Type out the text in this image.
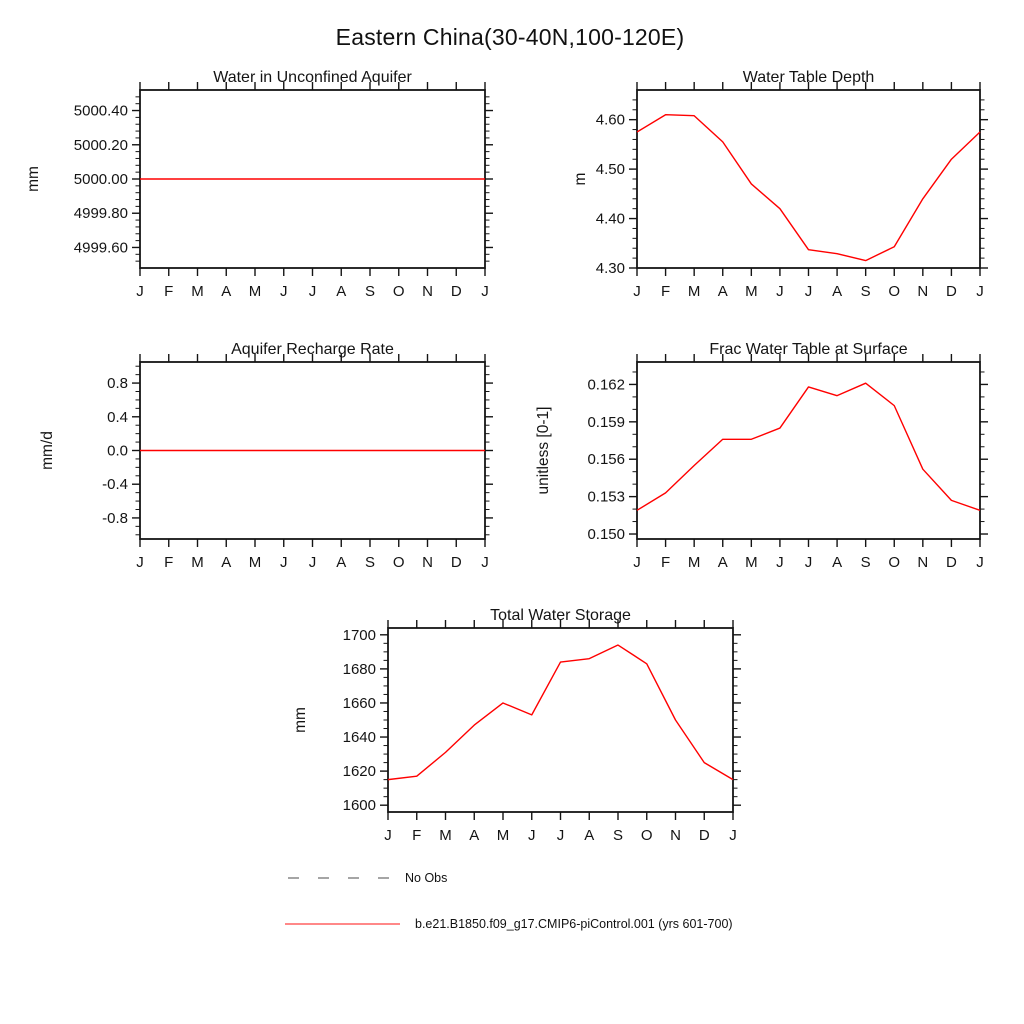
Eastern China(30-40N,100-120E)
4999.60
4999.80
5000.00
5000.20
5000.40
J F M A M J J A S O N D J
Water in Unconfined Aquifer
mm
4.30
4.40
4.50
4.60
J F M A M J J A S O N D J
Water Table Depth
m
-0.8
-0.4
0.0
0.4
0.8
J F M A M J J A S O N D J
Aquifer Recharge Rate
mm/d
0.150
0.153
0.156
0.159
0.162
J F M A M J J A S O N D J
Frac Water Table at Surface
unitless [0-1]
1600
1620
1640
1660
1680
1700
J F M A M J J A S O N D J
Total Water Storage
mm
No Obs
b.e21.B1850.f09_g17.CMIP6-piControl.001 (yrs 601-700)
